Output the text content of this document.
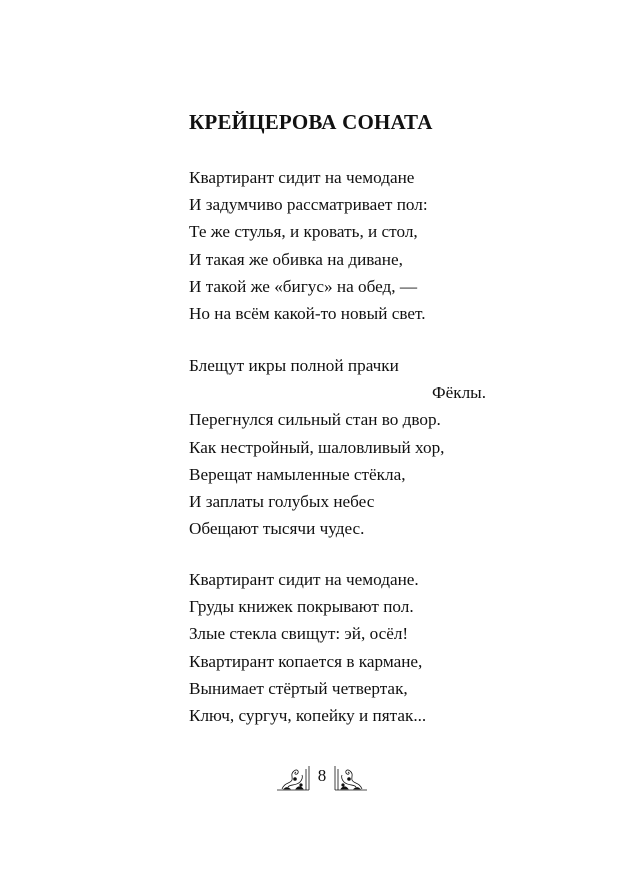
КРЕЙЦЕРОВА СОНАТА
Квартирант сидит на чемодане
И задумчиво рассматривает пол:
Те же стулья, и кровать, и стол,
И такая же обивка на диване,
И такой же «бигус» на обед, —
Но на всём какой-то новый свет.
Блещут икры полной прачки
Фёклы.
Перегнулся сильный стан во двор.
Как нестройный, шаловливый хор,
Верещат намыленные стёкла,
И заплаты голубых небес
Обещают тысячи чудес.
Квартирант сидит на чемодане.
Груды книжек покрывают пол.
Злые стекла свищут: эй, осёл!
Квартирант копается в кармане,
Вынимает стёртый четвертак,
Ключ, сургуч, копейку и пятак...
8
